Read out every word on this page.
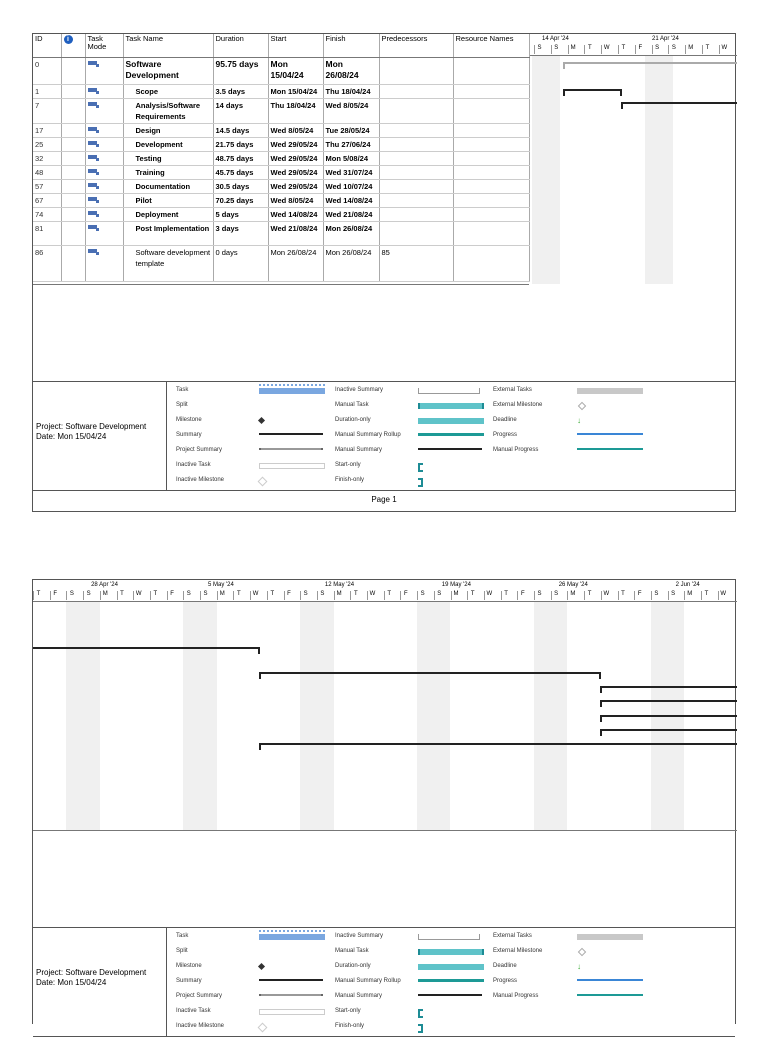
ID	i	Task Mode	Task Name	Duration	Start	Finish	Predecessors	Resource Names
0			Software Development	95.75 days	Mon 15/04/24	Mon 26/08/24		
1			Scope	3.5 days	Mon 15/04/24	Thu 18/04/24		
7			Analysis/Software Requirements	14 days	Thu 18/04/24	Wed 8/05/24		
17			Design	14.5 days	Wed 8/05/24	Tue 28/05/24		
25			Development	21.75 days	Wed 29/05/24	Thu 27/06/24		
32			Testing	48.75 days	Wed 29/05/24	Mon 5/08/24		
48			Training	45.75 days	Wed 29/05/24	Wed 31/07/24		
57			Documentation	30.5 days	Wed 29/05/24	Wed 10/07/24		
67			Pilot	70.25 days	Wed 8/05/24	Wed 14/08/24		
74			Deployment	5 days	Wed 14/08/24	Wed 21/08/24		
81			Post Implementation	3 days	Wed 21/08/24	Mon 26/08/24		
86			Software development template	0 days	Mon 26/08/24	Mon 26/08/24	85	
14 Apr '24	21 Apr '24
S	S	M	T	W	T	F	S	S	M	T	W
Project: Software Development
Date: Mon 15/04/24
Task
Split
Milestone
Summary
Project Summary
Inactive Task
Inactive Milestone
Inactive Summary
Manual Task
Duration-only
Manual Summary Rollup
Manual Summary
Start-only
Finish-only
External Tasks
External Milestone
Deadline	↓
Progress
Manual Progress
Page 1
28 Apr '24	5 May '24	12 May '24	19 May '24	26 May '24	2 Jun '24
T	F	S	S	M	T	W	T	F	S	S	M	T	W	T	F	S	S	M	T	W	T	F	S	S	M	T	W	T	F	S	S	M	T	W	T	F	S	S	M	T	W
Project: Software Development
Date: Mon 15/04/24
Task
Split
Milestone
Summary
Project Summary
Inactive Task
Inactive Milestone
Inactive Summary
Manual Task
Duration-only
Manual Summary Rollup
Manual Summary
Start-only
Finish-only
External Tasks
External Milestone
Deadline	↓
Progress
Manual Progress
